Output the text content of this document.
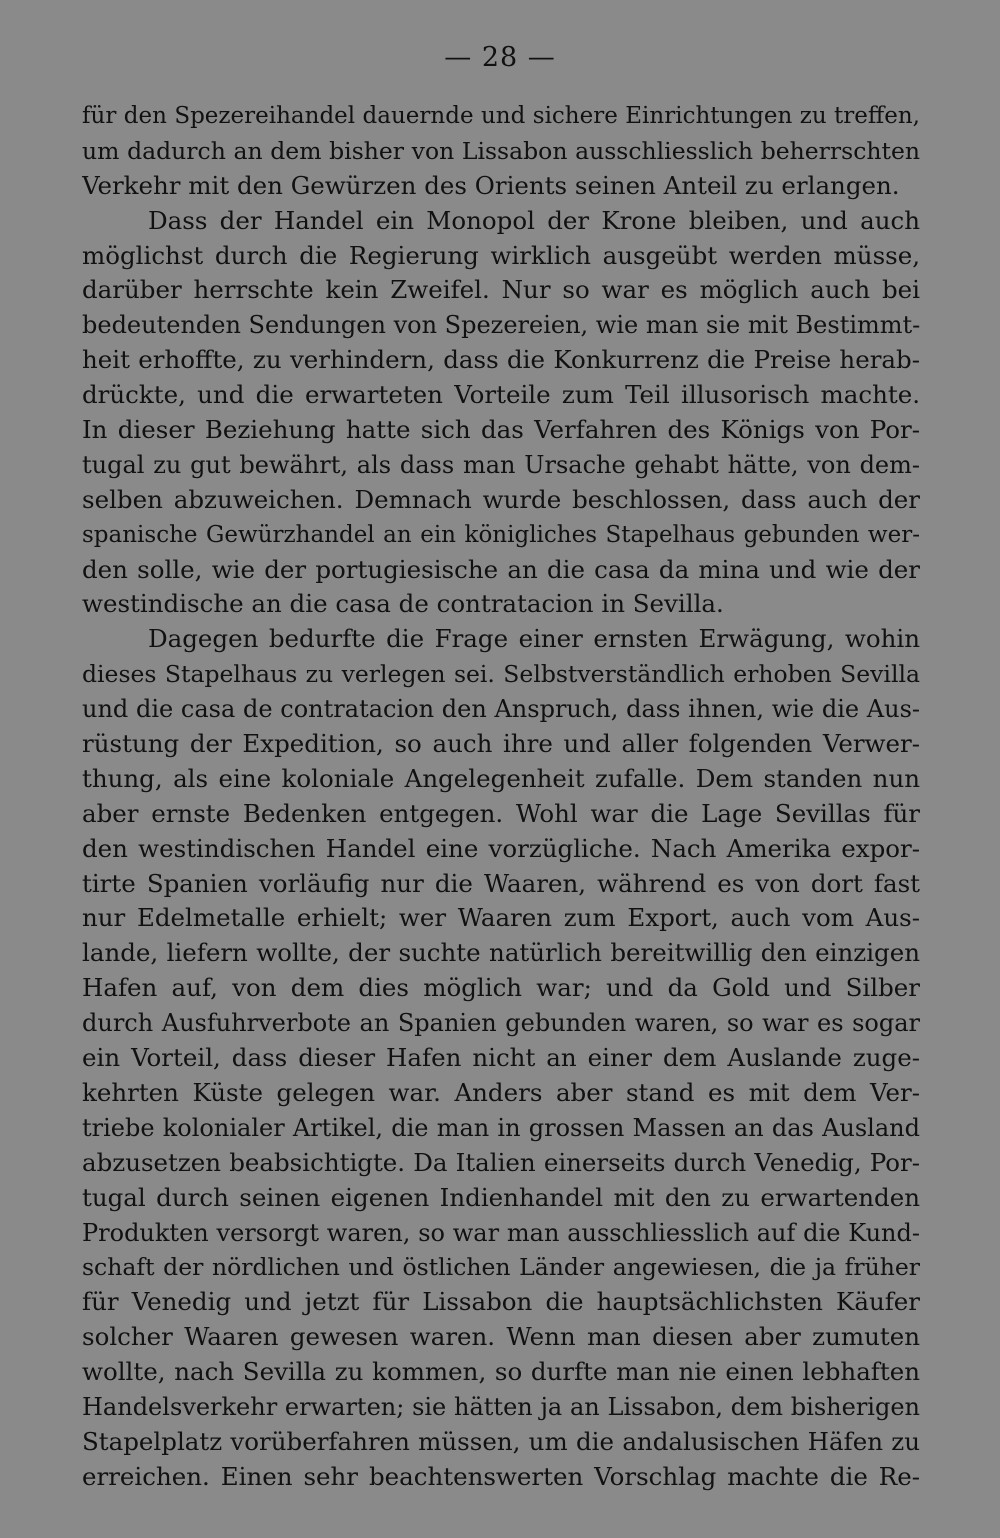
— 28 —
für den Spezereihandel dauernde und sichere Einrichtungen zu treffen,
um dadurch an dem bisher von Lissabon ausschliesslich beherrschten
Verkehr mit den Gewürzen des Orients seinen Anteil zu erlangen.
Dass der Handel ein Monopol der Krone bleiben, und auch
möglichst durch die Regierung wirklich ausgeübt werden müsse,
darüber herrschte kein Zweifel. Nur so war es möglich auch bei
bedeutenden Sendungen von Spezereien, wie man sie mit Bestimmt-
heit erhoffte, zu verhindern, dass die Konkurrenz die Preise herab-
drückte, und die erwarteten Vorteile zum Teil illusorisch machte.
In dieser Beziehung hatte sich das Verfahren des Königs von Por-
tugal zu gut bewährt, als dass man Ursache gehabt hätte, von dem-
selben abzuweichen. Demnach wurde beschlossen, dass auch der
spanische Gewürzhandel an ein königliches Stapelhaus gebunden wer-
den solle, wie der portugiesische an die casa da mina und wie der
westindische an die casa de contratacion in Sevilla.
Dagegen bedurfte die Frage einer ernsten Erwägung, wohin
dieses Stapelhaus zu verlegen sei. Selbstverständlich erhoben Sevilla
und die casa de contratacion den Anspruch, dass ihnen, wie die Aus-
rüstung der Expedition, so auch ihre und aller folgenden Verwer-
thung, als eine koloniale Angelegenheit zufalle. Dem standen nun
aber ernste Bedenken entgegen. Wohl war die Lage Sevillas für
den westindischen Handel eine vorzügliche. Nach Amerika expor-
tirte Spanien vorläufig nur die Waaren, während es von dort fast
nur Edelmetalle erhielt; wer Waaren zum Export, auch vom Aus-
lande, liefern wollte, der suchte natürlich bereitwillig den einzigen
Hafen auf, von dem dies möglich war; und da Gold und Silber
durch Ausfuhrverbote an Spanien gebunden waren, so war es sogar
ein Vorteil, dass dieser Hafen nicht an einer dem Auslande zuge-
kehrten Küste gelegen war. Anders aber stand es mit dem Ver-
triebe kolonialer Artikel, die man in grossen Massen an das Ausland
abzusetzen beabsichtigte. Da Italien einerseits durch Venedig, Por-
tugal durch seinen eigenen Indienhandel mit den zu erwartenden
Produkten versorgt waren, so war man ausschliesslich auf die Kund-
schaft der nördlichen und östlichen Länder angewiesen, die ja früher
für Venedig und jetzt für Lissabon die hauptsächlichsten Käufer
solcher Waaren gewesen waren. Wenn man diesen aber zumuten
wollte, nach Sevilla zu kommen, so durfte man nie einen lebhaften
Handelsverkehr erwarten; sie hätten ja an Lissabon, dem bisherigen
Stapelplatz vorüberfahren müssen, um die andalusischen Häfen zu
erreichen. Einen sehr beachtenswerten Vorschlag machte die Re-
